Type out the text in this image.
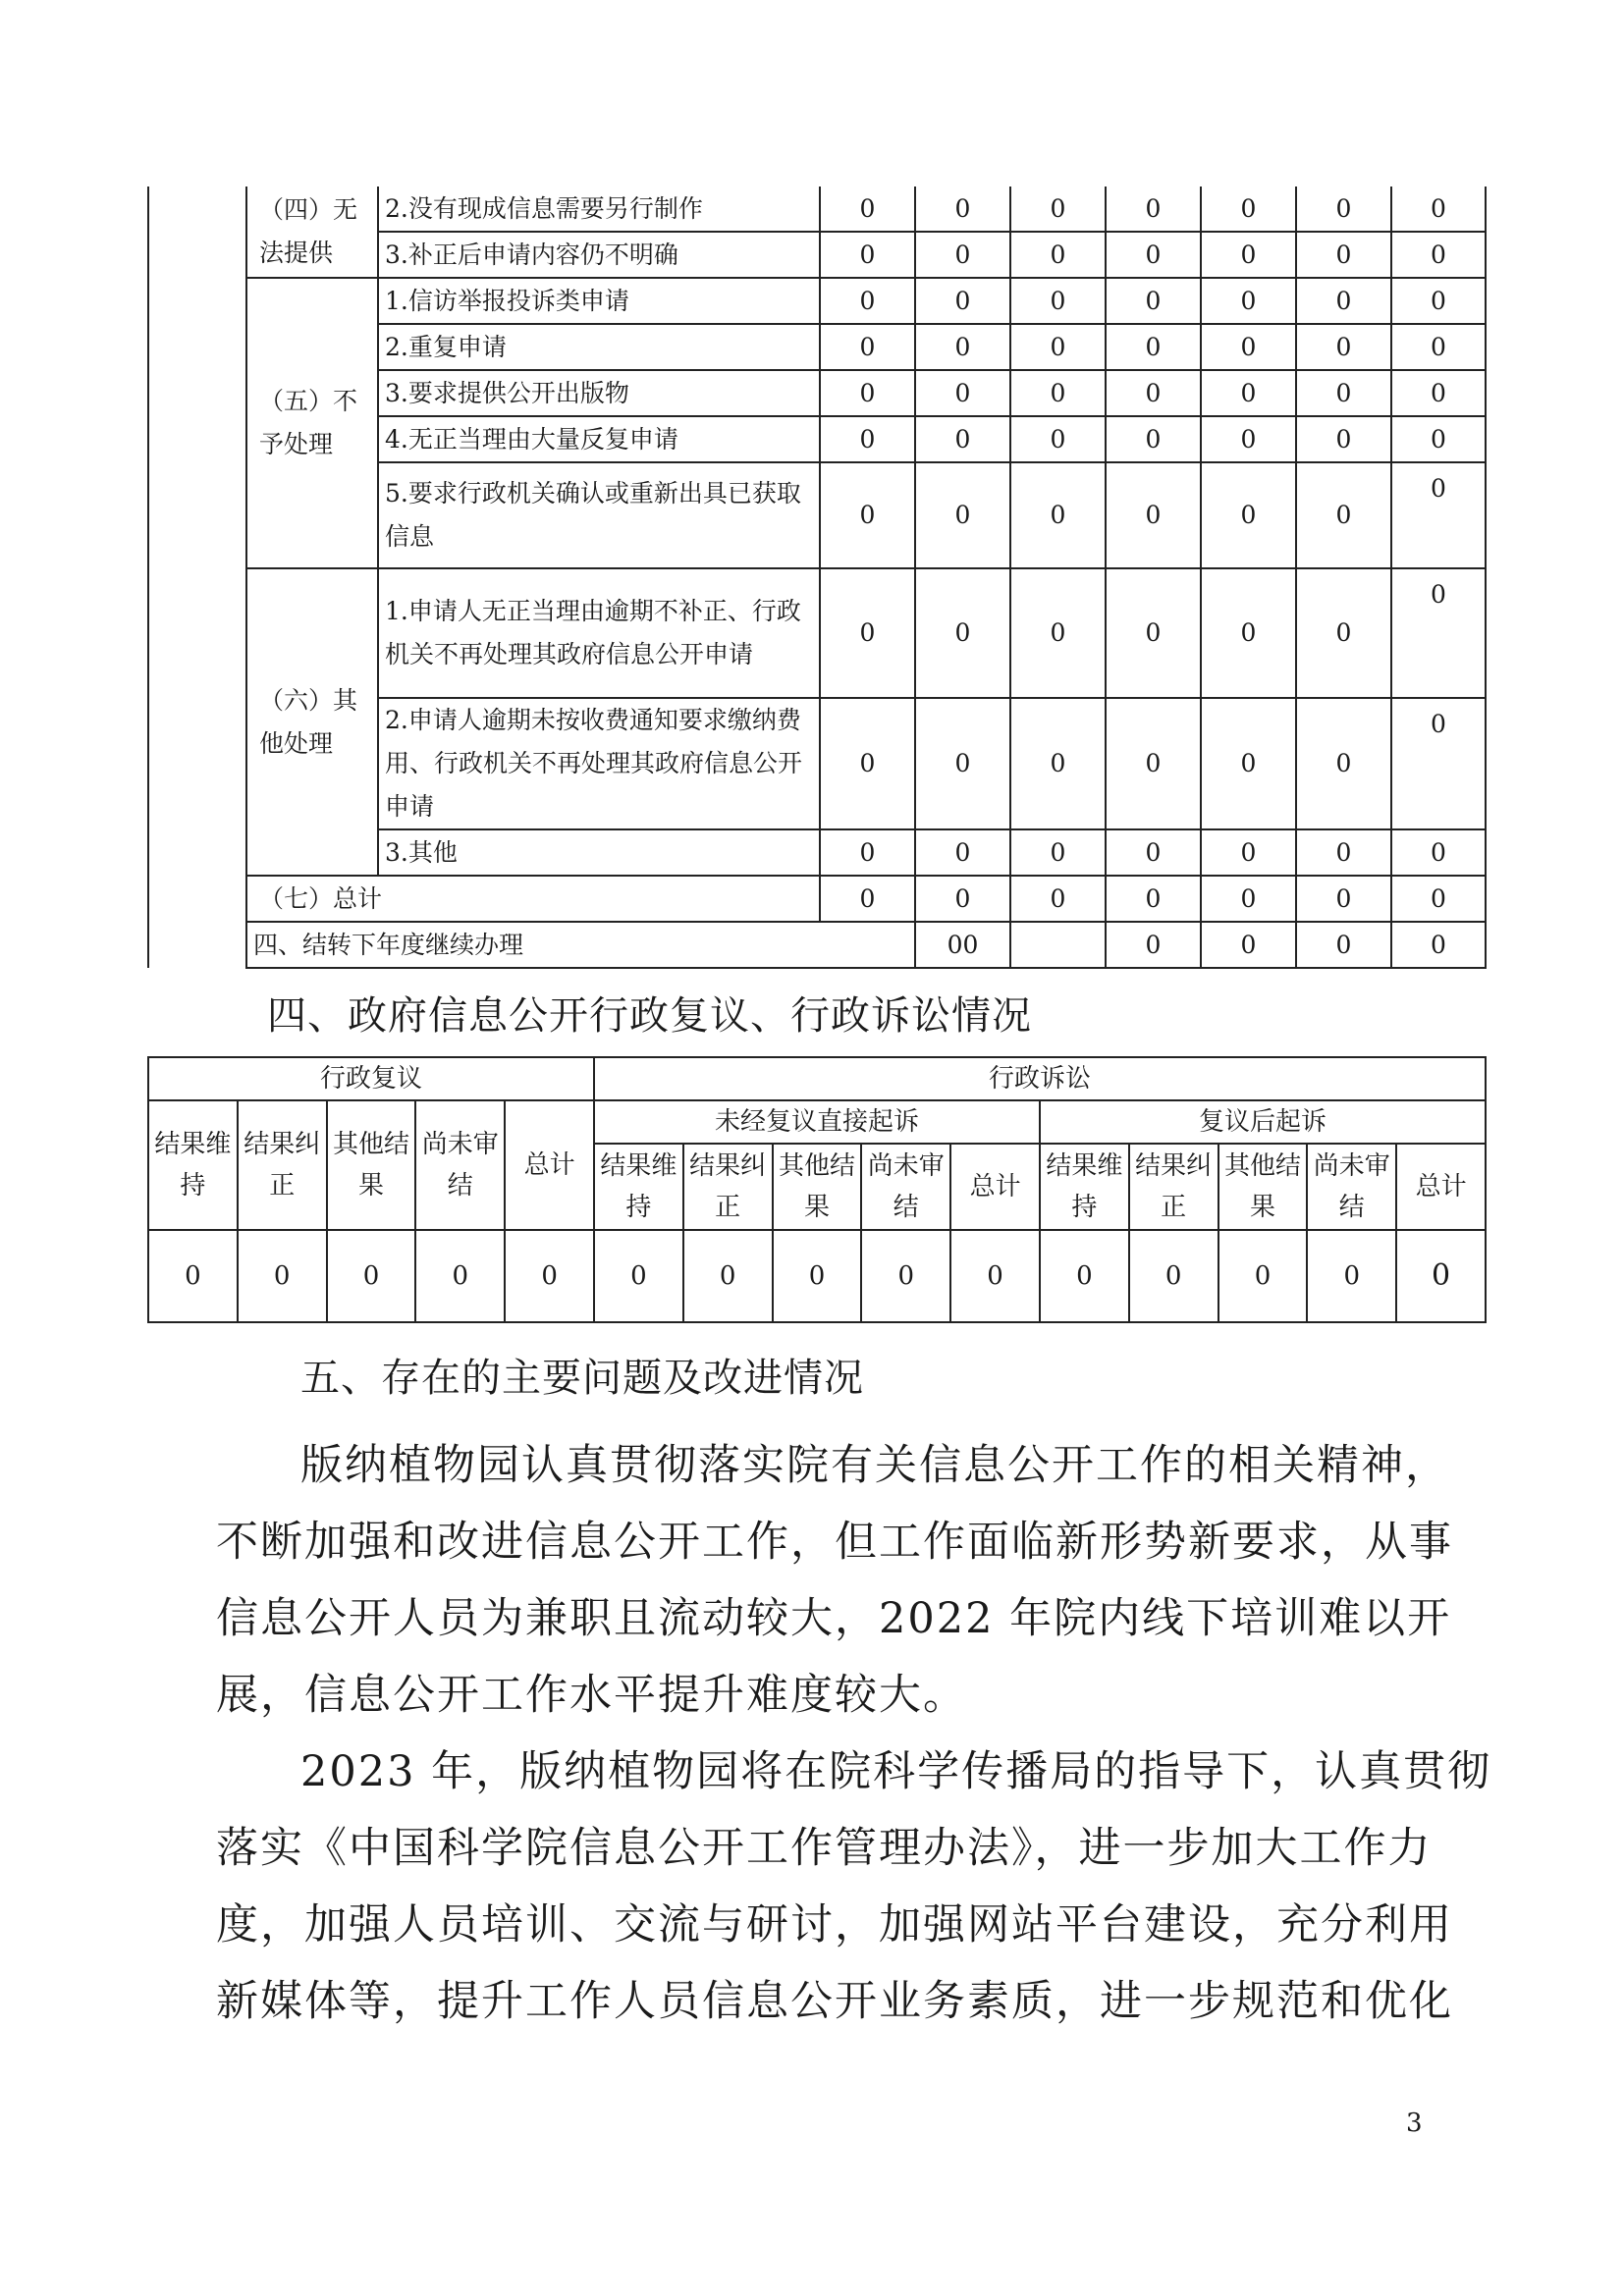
	（四）无法提供	2.没有现成信息需要另行制作	0	0	0	0	0	0	0	
		3.补正后申请内容仍不明确	0	0	0	0	0	0	0	
	（五）不予处理	1.信访举报投诉类申请	0	0	0	0	0	0	0	
		2.重复申请	0	0	0	0	0	0	0	
		3.要求提供公开出版物	0	0	0	0	0	0	0	
		4.无正当理由大量反复申请	0	0	0	0	0	0	0	
		5.要求行政机关确认或重新出具已获取信息	0	0	0	0	0	0	0	
	（六）其他处理	1.申请人无正当理由逾期不补正、行政机关不再处理其政府信息公开申请	0	0	0	0	0	0	0	
		2.申请人逾期未按收费通知要求缴纳费用、行政机关不再处理其政府信息公开申请	0	0	0	0	0	0	0	
		3.其他	0	0	0	0	0	0	0	
	（七）总计		0	0	0	0	0	0	0	
	四、结转下年度继续办理			00		0	0	0	0	
四、政府信息公开行政复议、行政诉讼情况
行政复议					行政诉讼									
结果维持	结果纠正	其他结果	尚未审结	总计	未经复议直接起诉					复议后起诉				
					结果维持	结果纠正	其他结果	尚未审结	总计	结果维持	结果纠正	其他结果	尚未审结	总计
0	0	0	0	0	0	0	0	0	0	0	0	0	0	0
五、存在的主要问题及改进情况
版纳植物园认真贯彻落实院有关信息公开工作的相关精神，
不断加强和改进信息公开工作，但工作面临新形势新要求，从事
信息公开人员为兼职且流动较大，2022 年院内线下培训难以开
展，信息公开工作水平提升难度较大。
2023 年，版纳植物园将在院科学传播局的指导下，认真贯彻
落实《中国科学院信息公开工作管理办法》，进一步加大工作力
度，加强人员培训、交流与研讨，加强网站平台建设，充分利用
新媒体等，提升工作人员信息公开业务素质，进一步规范和优化
3
